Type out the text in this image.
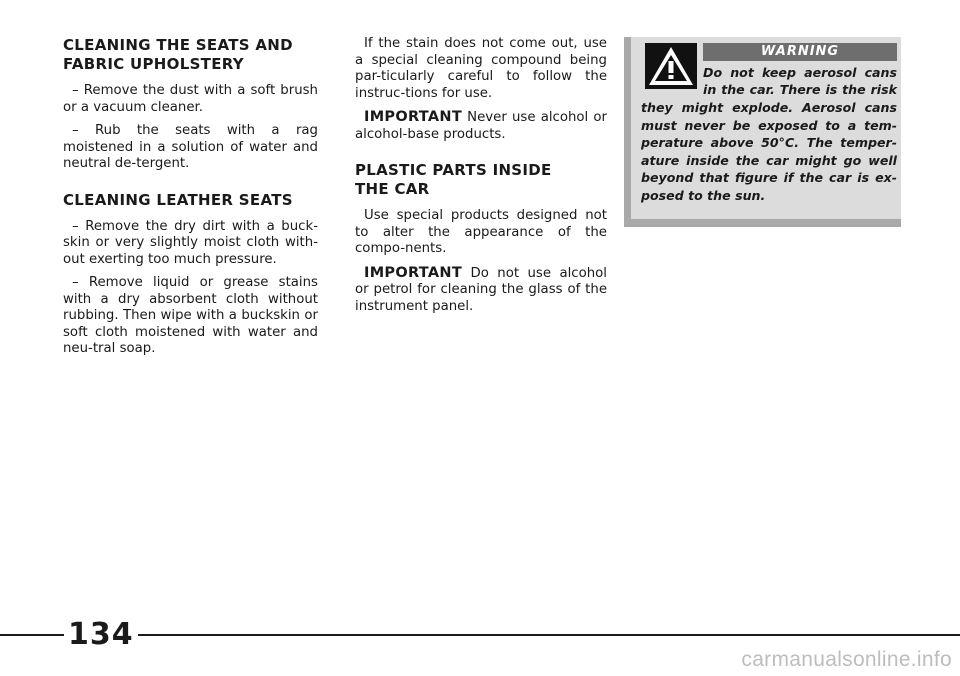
CLEANING THE SEATS AND
FABRIC UPHOLSTERY

– Remove the dust with a soft brush or a vacuum cleaner.

– Rub the seats with a rag moistened in a solution of water and neutral de-tergent.

CLEANING LEATHER SEATS

– Remove the dry dirt with a buck-skin or very slightly moist cloth with-out exerting too much pressure.

– Remove liquid or grease stains with a dry absorbent cloth without rubbing. Then wipe with a buckskin or soft cloth moistened with water and neu-tral soap.

If the stain does not come out, use a special cleaning compound being par-ticularly careful to follow the instruc-tions for use.

IMPORTANT Never use alcohol or alcohol-base products.

PLASTIC PARTS INSIDE
THE CAR

Use special products designed not to alter the appearance of the compo-nents.

IMPORTANT Do not use alcohol or petrol for cleaning the glass of the instrument panel.

WARNING
Do not keep aerosol cans in the car. There is the risk
they might explode. Aerosol cans must never be exposed to a tem-perature above 50°C. The temper-ature inside the car might go well beyond that figure if the car is ex-posed to the sun.
134
carmanualsonline.info
